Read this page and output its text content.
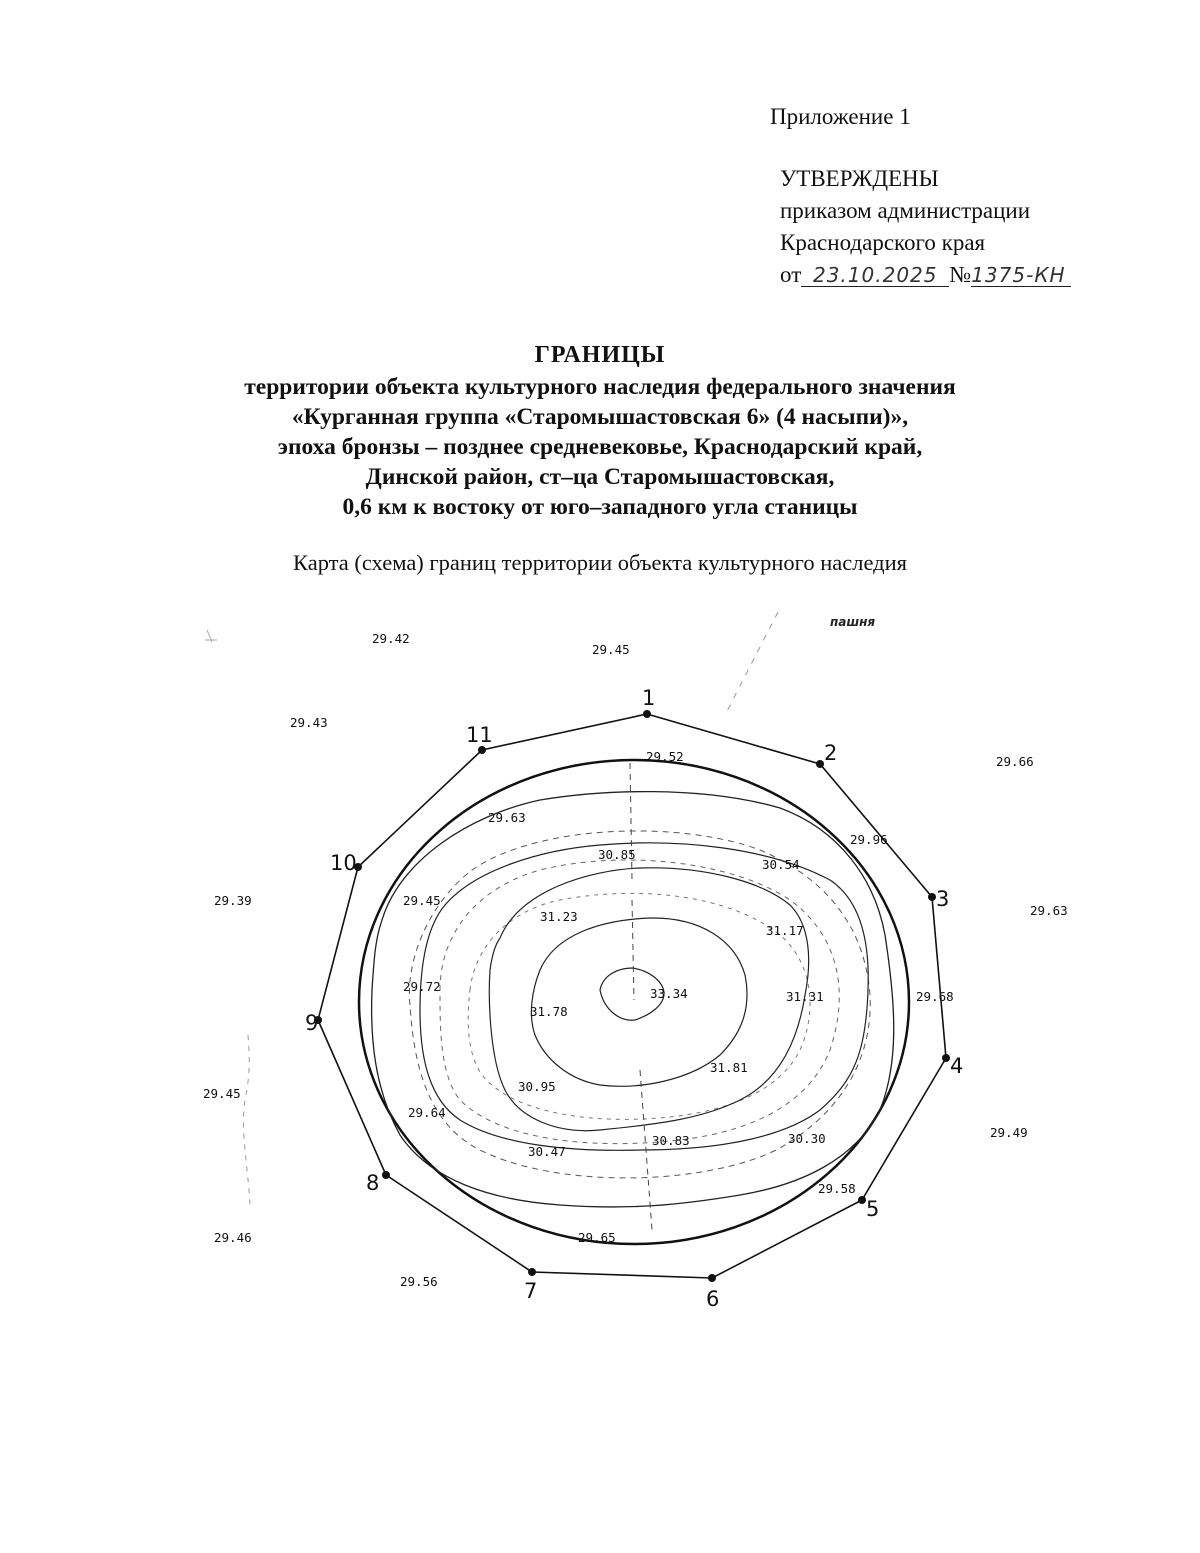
Приложение 1
УТВЕРЖДЕНЫ
приказом администрации
Краснодарского края
от 23.10.2025 №1375-КН
ГРАНИЦЫ
территории объекта культурного наследия федерального значения
«Курганная группа «Старомышастовская 6» (4 насыпи)»,
эпоха бронзы – позднее средневековье, Краснодарский край,
Динской район, ст–ца Старомышастовская,
0,6 км к востоку от юго–западного угла станицы
Карта (схема) границ территории объекта культурного наследия
пашня
1
2
3
4
5
6
7
8
9
10
11
29.42
29.45
29.43
29.66
29.52
29.63
29.96
30.85
30.54
29.39	29.45
29.63
31.23
31.17
29.72	33.34	31.31	29.68
31.78
31.81
30.95
29.45
29.64
30.30	29.49
30.47
30.83
29.58
29.65
29.46
29.56
